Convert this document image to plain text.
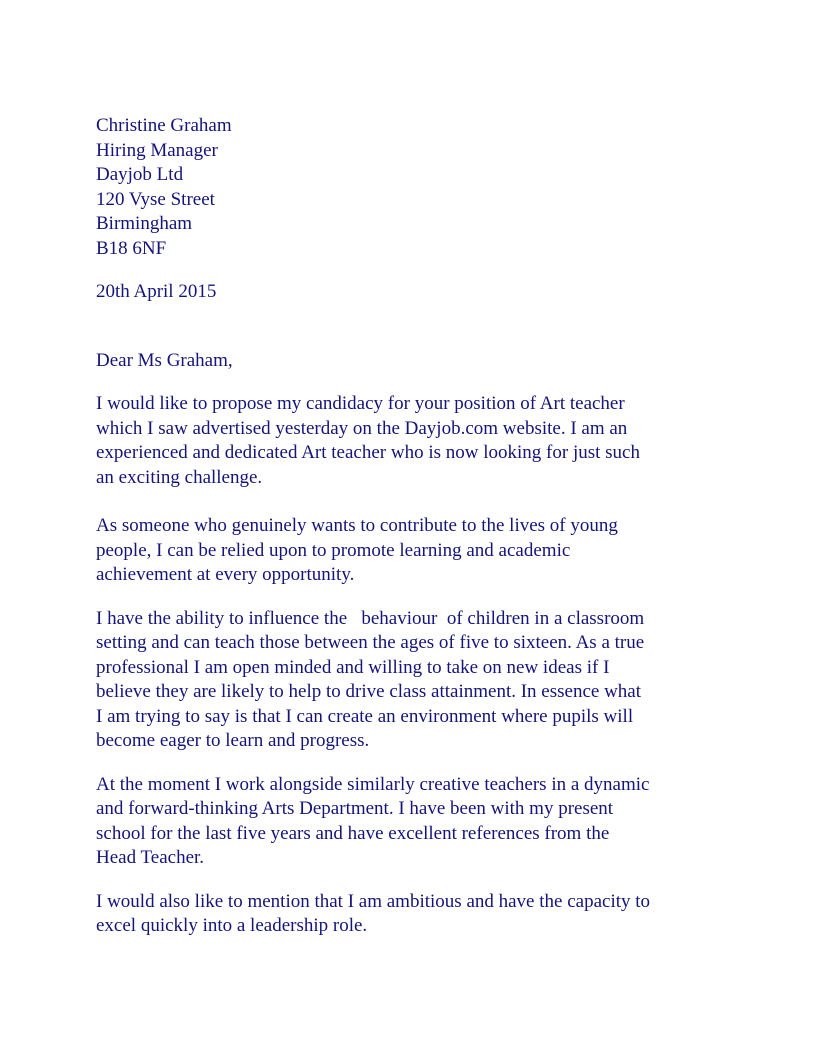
Christine Graham
Hiring Manager
Dayjob Ltd
120 Vyse Street
Birmingham
B18 6NF
20th April 2015
Dear Ms Graham,
I would like to propose my candidacy for your position of Art teacher
which I saw advertised yesterday on the Dayjob.com website. I am an
experienced and dedicated Art teacher who is now looking for just such
an exciting challenge.
As someone who genuinely wants to contribute to the lives of young
people, I can be relied upon to promote learning and academic
achievement at every opportunity.
I have the ability to influence the   behaviour  of children in a classroom
setting and can teach those between the ages of five to sixteen. As a true
professional I am open minded and willing to take on new ideas if I
believe they are likely to help to drive class attainment. In essence what
I am trying to say is that I can create an environment where pupils will
become eager to learn and progress.
At the moment I work alongside similarly creative teachers in a dynamic
and forward-thinking Arts Department. I have been with my present
school for the last five years and have excellent references from the
Head Teacher.
I would also like to mention that I am ambitious and have the capacity to
excel quickly into a leadership role.
